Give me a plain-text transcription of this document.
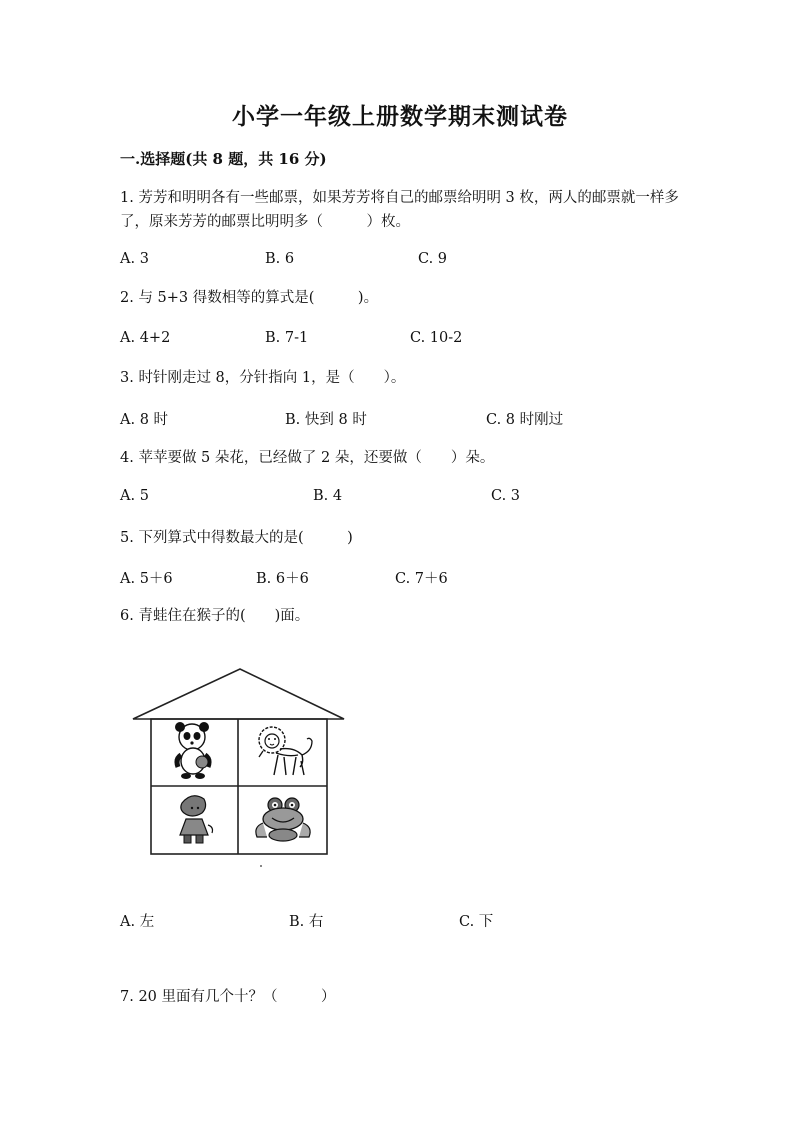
小学一年级上册数学期末测试卷
一.选择题(共 8 题，共 16 分)
1. 芳芳和明明各有一些邮票，如果芳芳将自己的邮票给明明 3 枚，两人的邮票就一样多了，原来芳芳的邮票比明明多（　　　）枚。
A. 3	B. 6	C. 9
2. 与 5+3 得数相等的算式是(　　　)。
A. 4+2	B. 7-1	C. 10-2
3. 时针刚走过 8，分针指向 1，是（　　）。
A. 8 时	B. 快到 8 时	C. 8 时刚过
4. 苹苹要做 5 朵花，已经做了 2 朵，还要做（　　）朵。
A. 5	B. 4	C. 3
5. 下列算式中得数最大的是(　　　)
A. 5＋6	B. 6＋6	C. 7＋6
6. 青蛙住在猴子的(　　)面。
A. 左	B. 右	C. 下
7. 20 里面有几个十？（　　　）
